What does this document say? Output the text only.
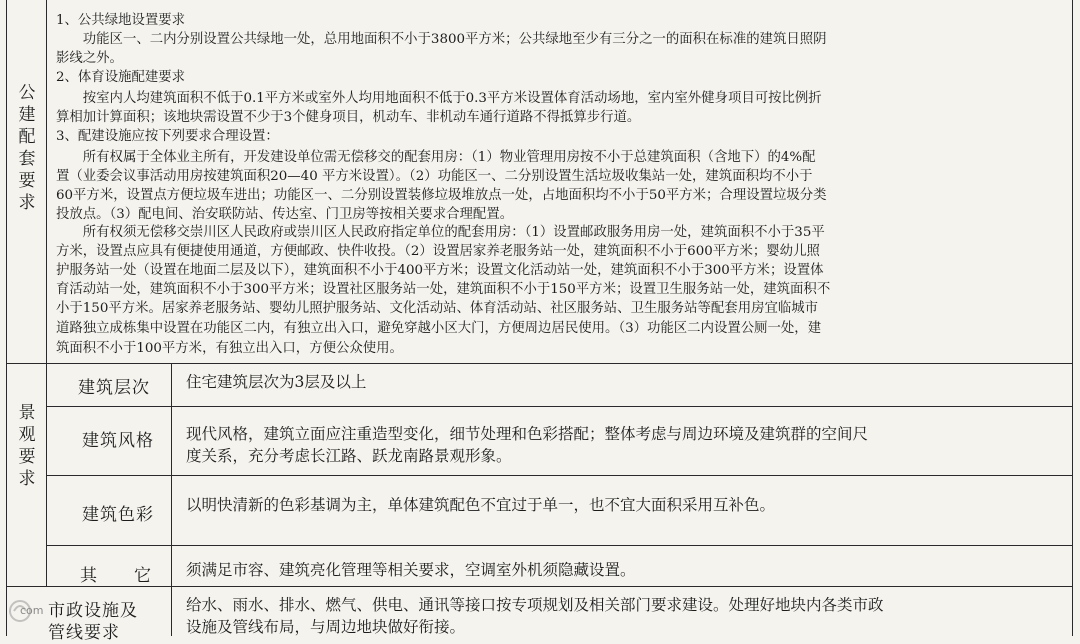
公
建
配
套
要
求
1、公共绿地设置要求
　　功能区一、二内分别设置公共绿地一处，总用地面积不小于3800平方米；公共绿地至少有三分之一的面积在标准的建筑日照阴
影线之外。
2、体育设施配建要求
　　按室内人均建筑面积不低于0.1平方米或室外人均用地面积不低于0.3平方米设置体育活动场地，室内室外健身项目可按比例折
算相加计算面积；该地块需设置不少于3个健身项目，机动车、非机动车通行道路不得抵算步行道。
3、配建设施应按下列要求合理设置：
　　所有权属于全体业主所有，开发建设单位需无偿移交的配套用房：（1）物业管理用房按不小于总建筑面积（含地下）的4%配
置（业委会议事活动用房按建筑面积20—40 平方米设置）。（2）功能区一、二分别设置生活垃圾收集站一处，建筑面积均不小于
60平方米，设置点方便垃圾车进出；功能区一、二分别设置装修垃圾堆放点一处，占地面积均不小于50平方米；合理设置垃圾分类
投放点。（3）配电间、治安联防站、传达室、门卫房等按相关要求合理配置。
　　所有权须无偿移交崇川区人民政府或崇川区人民政府指定单位的配套用房：（1）设置邮政服务用房一处，建筑面积不小于35平
方米，设置点应具有便捷使用通道，方便邮政、快件收投。（2）设置居家养老服务站一处，建筑面积不小于600平方米；婴幼儿照
护服务站一处（设置在地面二层及以下），建筑面积不小于400平方米；设置文化活动站一处，建筑面积不小于300平方米；设置体
育活动站一处，建筑面积不小于300平方米；设置社区服务站一处，建筑面积不小于150平方米；设置卫生服务站一处，建筑面积不
小于150平方米。居家养老服务站、婴幼儿照护服务站、文化活动站、体育活动站、社区服务站、卫生服务站等配套用房宜临城市
道路独立成栋集中设置在功能区二内，有独立出入口，避免穿越小区大门，方便周边居民使用。（3）功能区二内设置公厕一处，建
筑面积不小于100平方米，有独立出入口，方便公众使用。
景
观
要
求
建筑层次 住宅建筑层次为3层及以上
建筑风格 现代风格，建筑立面应注重造型变化，细节处理和色彩搭配；整体考虑与周边环境及建筑群的空间尺
度关系，充分考虑长江路、跃龙南路景观形象。
建筑色彩 以明快清新的色彩基调为主，单体建筑配色不宜过于单一，也不宜大面积采用互补色。
其　　它 须满足市容、建筑亮化管理等相关要求，空调室外机须隐藏设置。
市政设施及
管线要求
给水、雨水、排水、燃气、供电、通讯等接口按专项规划及相关部门要求建设。处理好地块内各类市政
设施及管线布局，与周边地块做好衔接。
com
